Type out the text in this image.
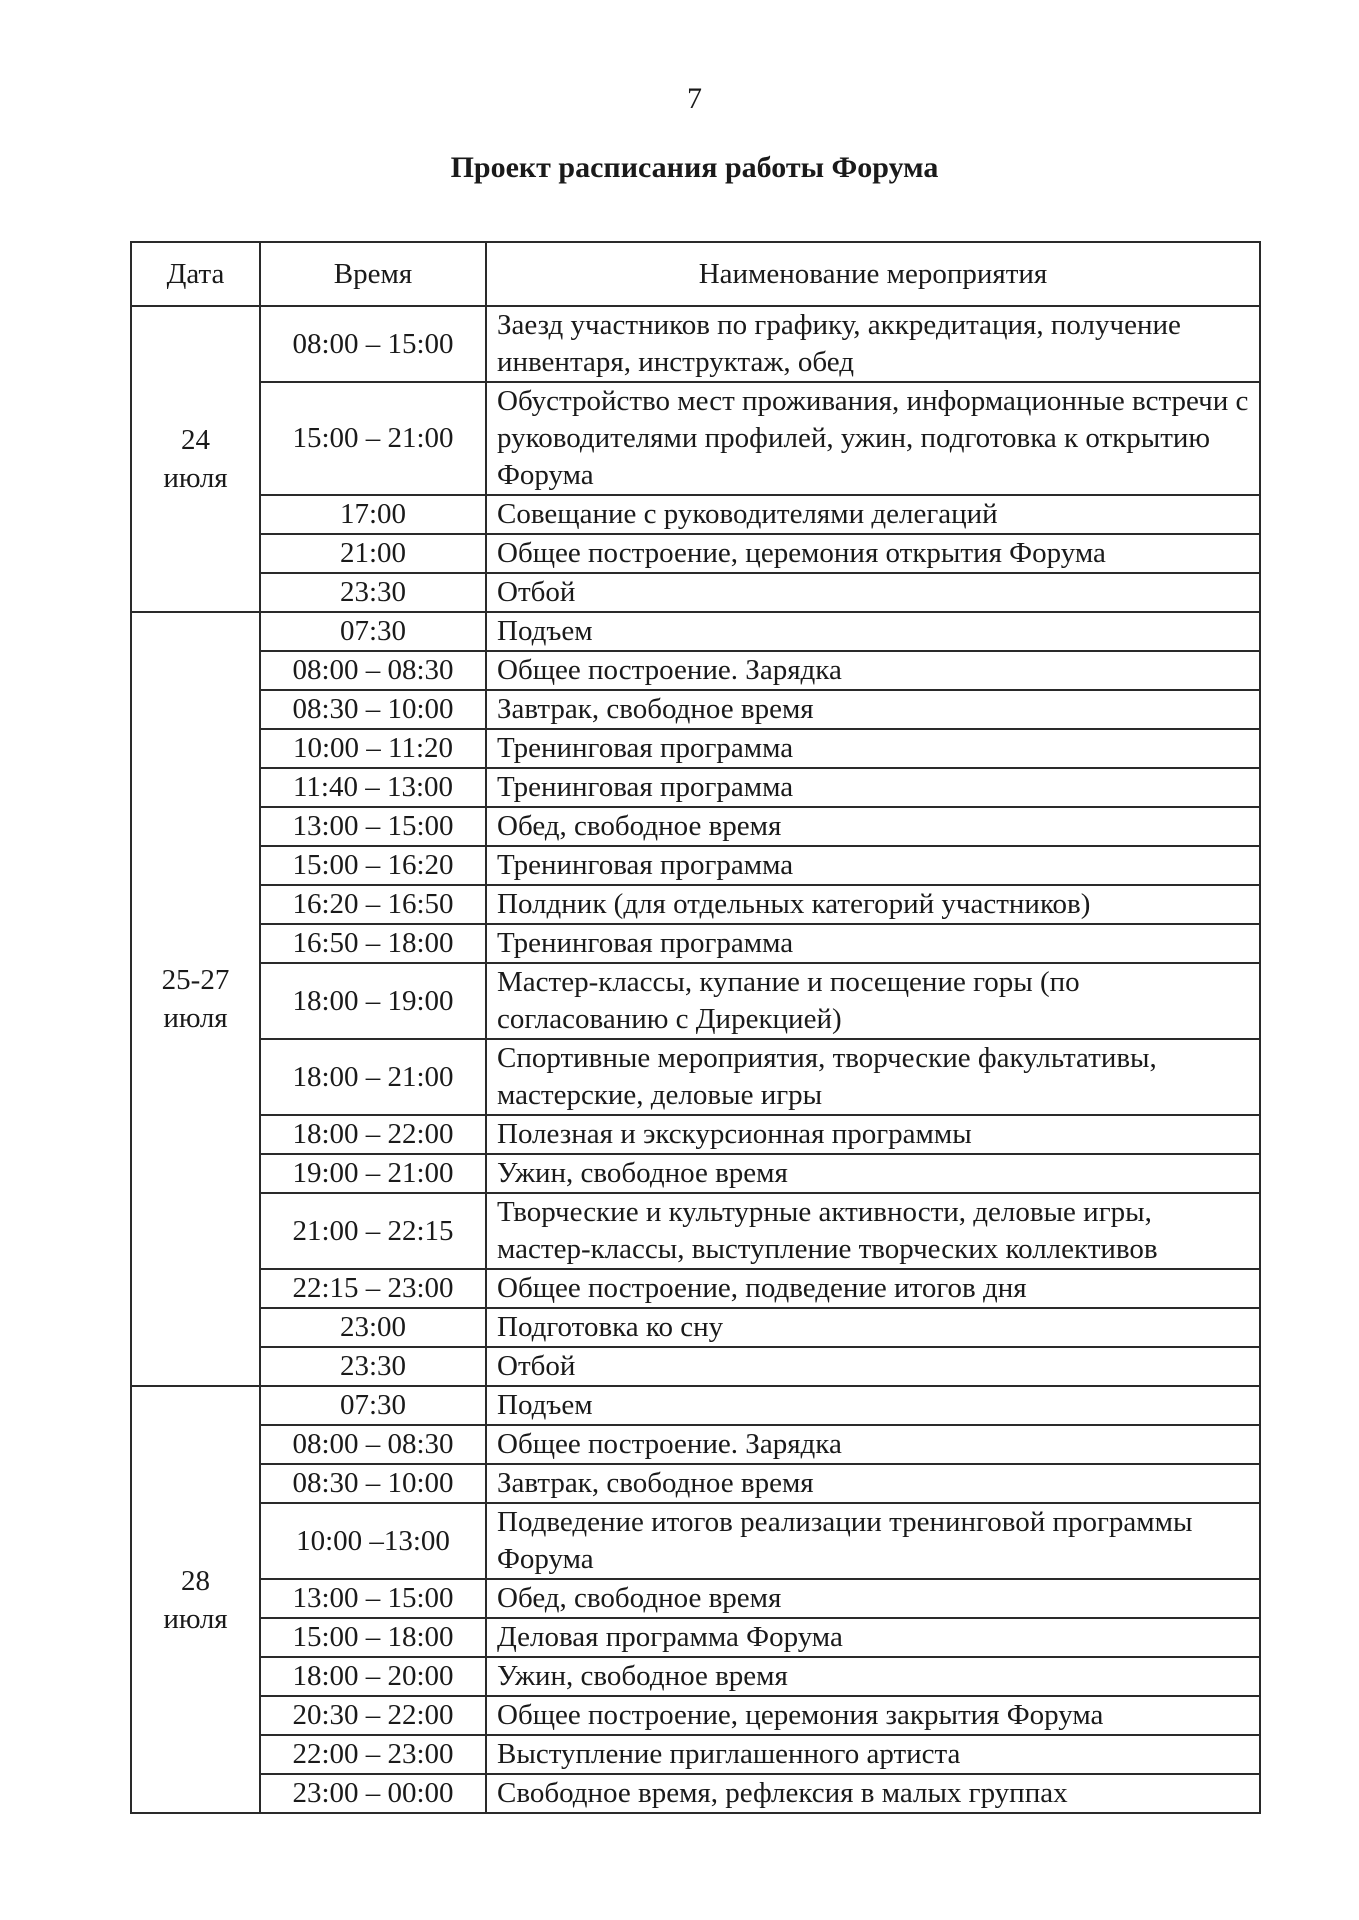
7
Проект расписания работы Форума
Дата	Время	Наименование мероприятия

24
июля	08:00 – 15:00	Заезд участников по графику, аккредитация, получение инвентаря, инструктаж, обед
	15:00 – 21:00	Обустройство мест проживания, информационные встречи с руководителями профилей, ужин, подготовка к открытию Форума
	17:00	Совещание с руководителями делегаций
	21:00	Общее построение, церемония открытия Форума
	23:30	Отбой

25-27
июля	07:30	Подъем
	08:00 – 08:30	Общее построение. Зарядка
	08:30 – 10:00	Завтрак, свободное время
	10:00 – 11:20	Тренинговая программа
	11:40 – 13:00	Тренинговая программа
	13:00 – 15:00	Обед, свободное время
	15:00 – 16:20	Тренинговая программа
	16:20 – 16:50	Полдник (для отдельных категорий участников)
	16:50 – 18:00	Тренинговая программа
	18:00 – 19:00	Мастер-классы, купание и посещение горы (по согласованию с Дирекцией)
	18:00 – 21:00	Спортивные мероприятия, творческие факультативы, мастерские, деловые игры
	18:00 – 22:00	Полезная и экскурсионная программы
	19:00 – 21:00	Ужин, свободное время
	21:00 – 22:15	Творческие и культурные активности, деловые игры, мастер-классы, выступление творческих коллективов
	22:15 – 23:00	Общее построение, подведение итогов дня
	23:00	Подготовка ко сну
	23:30	Отбой

28
июля	07:30	Подъем
	08:00 – 08:30	Общее построение. Зарядка
	08:30 – 10:00	Завтрак, свободное время
	10:00 –13:00	Подведение итогов реализации тренинговой программы Форума
	13:00 – 15:00	Обед, свободное время
	15:00 – 18:00	Деловая программа Форума
	18:00 – 20:00	Ужин, свободное время
	20:30 – 22:00	Общее построение, церемония закрытия Форума
	22:00 – 23:00	Выступление приглашенного артиста
	23:00 – 00:00	Свободное время, рефлексия в малых группах
